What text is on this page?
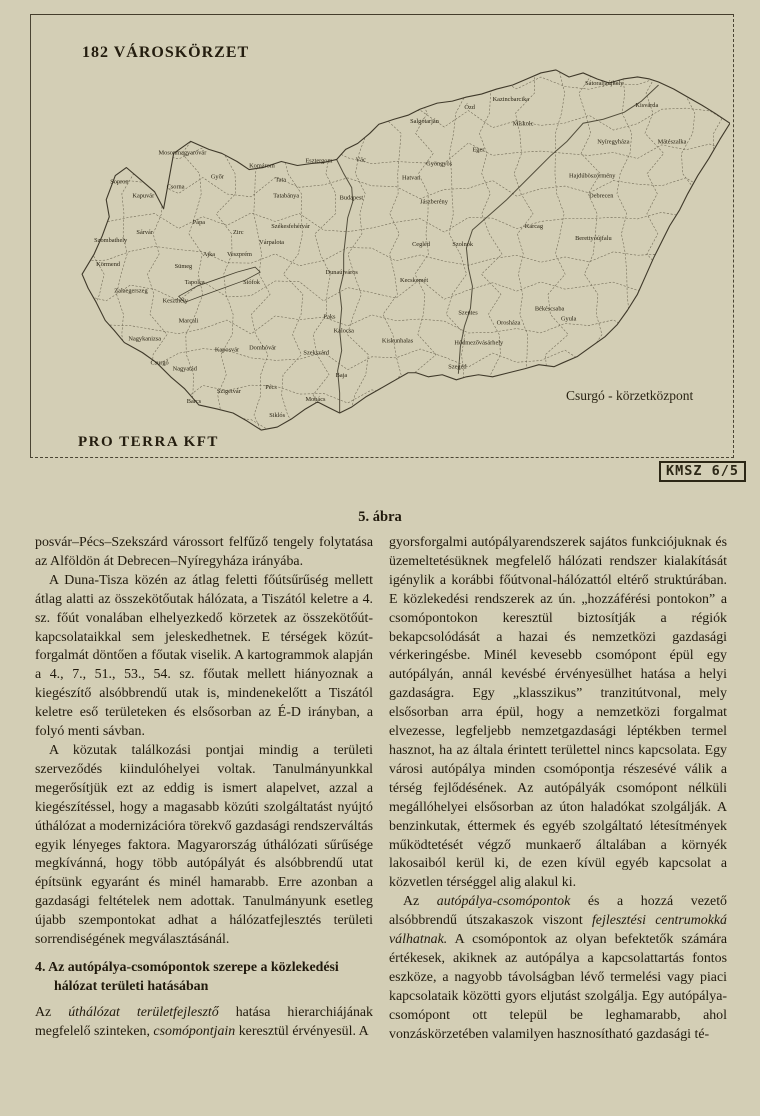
182 VÁROSKÖRZET
Sopron
Mosonmagyaróvár
Csorna
Kapuvár
Győr	Tata
Tatabánya
Komárom
Esztergom	Vác
Budapest
Szombathely
Sárvár
Körmend
Zalaegerszeg
Keszthely
Nagykanizsa
Tapolca
Sümeg
Ajka
Pápa
Zirc
Veszprém
Várpalota
Székesfehérvár
Dunaújváros
Siófok
Marcali
Nagyatád
Csurgó
Barcs
Kaposvár Dombóvár
Szigetvár
Pécs
Siklós
Mohács
Szekszárd
Paks
Baja
Kalocsa
Kiskunhalas
Kecskemét
Cegléd	Szolnok
Jászberény
Hatvan
Gyöngyös
Salgótarján
Eger
Ózd
Kazincbarcika
Miskolc
Sátoraljaújhely
Kisvárda
Nyíregyháza	Mátészalka
Debrecen
Hajdúböszörmény
Karcag
Berettyóújfalu
Szentes
Hódmezővásárhely
Orosháza
Békéscsaba
Gyula
Szeged
Csurgó - körzetközpont
PRO TERRA KFT
KMSZ 6/5
5. ábra

posvár–Pécs–Szekszárd várossort felfűző tengely folytatása az Alföldön át Debrecen–Nyíregyháza irányába.

A Duna-Tisza közén az átlag feletti főútsűrűség mellett átlag alatti az összekötőutak hálózata, a Tiszától keletre a 4. sz. főút vonalában elhelyezkedő körzetek az összekötőút-kapcsolataikkal sem jeleskedhetnek. E térségek közút-forgalmát döntően a főutak viselik. A kartogrammok alapján a 4., 7., 51., 53., 54. sz. főutak mellett hiányoznak a kiegészítő alsóbbrendű utak is, mindenekelőtt a Tiszától keletre eső területeken és elsősorban az É-D irányban, a folyó menti sávban.

A közutak találkozási pontjai mindig a területi szerveződés kiindulóhelyei voltak. Tanulmányunkkal megerősítjük ezt az eddig is ismert alapelvet, azzal a kiegészítéssel, hogy a magasabb közúti szolgáltatást nyújtó úthálózat a modernizációra törekvő gazdasági rendszerváltás egyik lényeges faktora. Magyarország úthálózati sűrűsége megkívánná, hogy több autópályát és alsóbbrendű utat építsünk egyaránt és minél hamarabb. Erre azonban a gazdasági feltételek nem adottak. Tanulmányunk esetleg újabb szempontokat adhat a hálózatfejlesztés területi sorrendiségének megválasztásánál.

4. Az autópálya-csomópontok szerepe a közlekedési hálózat területi hatásában

Az úthálózat területfejlesztő hatása hierarchiájának megfelelő szinteken, csomópontjain keresztül érvényesül. A

gyorsforgalmi autópályarendszerek sajátos funkciójuknak és üzemeltetésüknek megfelelő hálózati rendszer kialakítását igénylik a korábbi főútvonal-hálózattól eltérő struktúrában. E közlekedési rendszerek az ún. „hozzáférési pontokon” a csomópontokon keresztül biztosítják a régiók bekapcsolódását a hazai és nemzetközi gazdasági vérkeringésbe. Minél kevesebb csomópont épül egy autópályán, annál kevésbé érvényesülhet hatása a helyi gazdaságra. Egy „klasszikus” tranzitútvonal, mely elsősorban arra épül, hogy a nemzetközi forgalmat elvezesse, legfeljebb nemzetgazdasági léptékben termel hasznot, ha az általa érintett területtel nincs kapcsolata. Egy városi autópálya minden csomópontja részesévé válik a térség fejlődésének. Az autópályák csomópont nélküli megállóhelyei elsősorban az úton haladókat szolgálják. A benzinkutak, éttermek és egyéb szolgáltató létesítmények működtetését végző munkaerő általában a környék lakosaiból kerül ki, de ezen kívül egyéb kapcsolat a közvetlen térséggel alig alakul ki.

Az autópálya-csomópontok és a hozzá vezető alsóbbrendű útszakaszok viszont fejlesztési centrumokká válhatnak. A csomópontok az olyan befektetők számára értékesek, akiknek az autópálya a kapcsolattartás fontos eszköze, a nagyobb távolságban lévő termelési vagy piaci kapcsolataik közötti gyors eljutást szolgálja. Egy autópálya-csomópont ott települ be leghamarabb, ahol vonzáskörzetében valamilyen hasznosítható gazdasági té-
